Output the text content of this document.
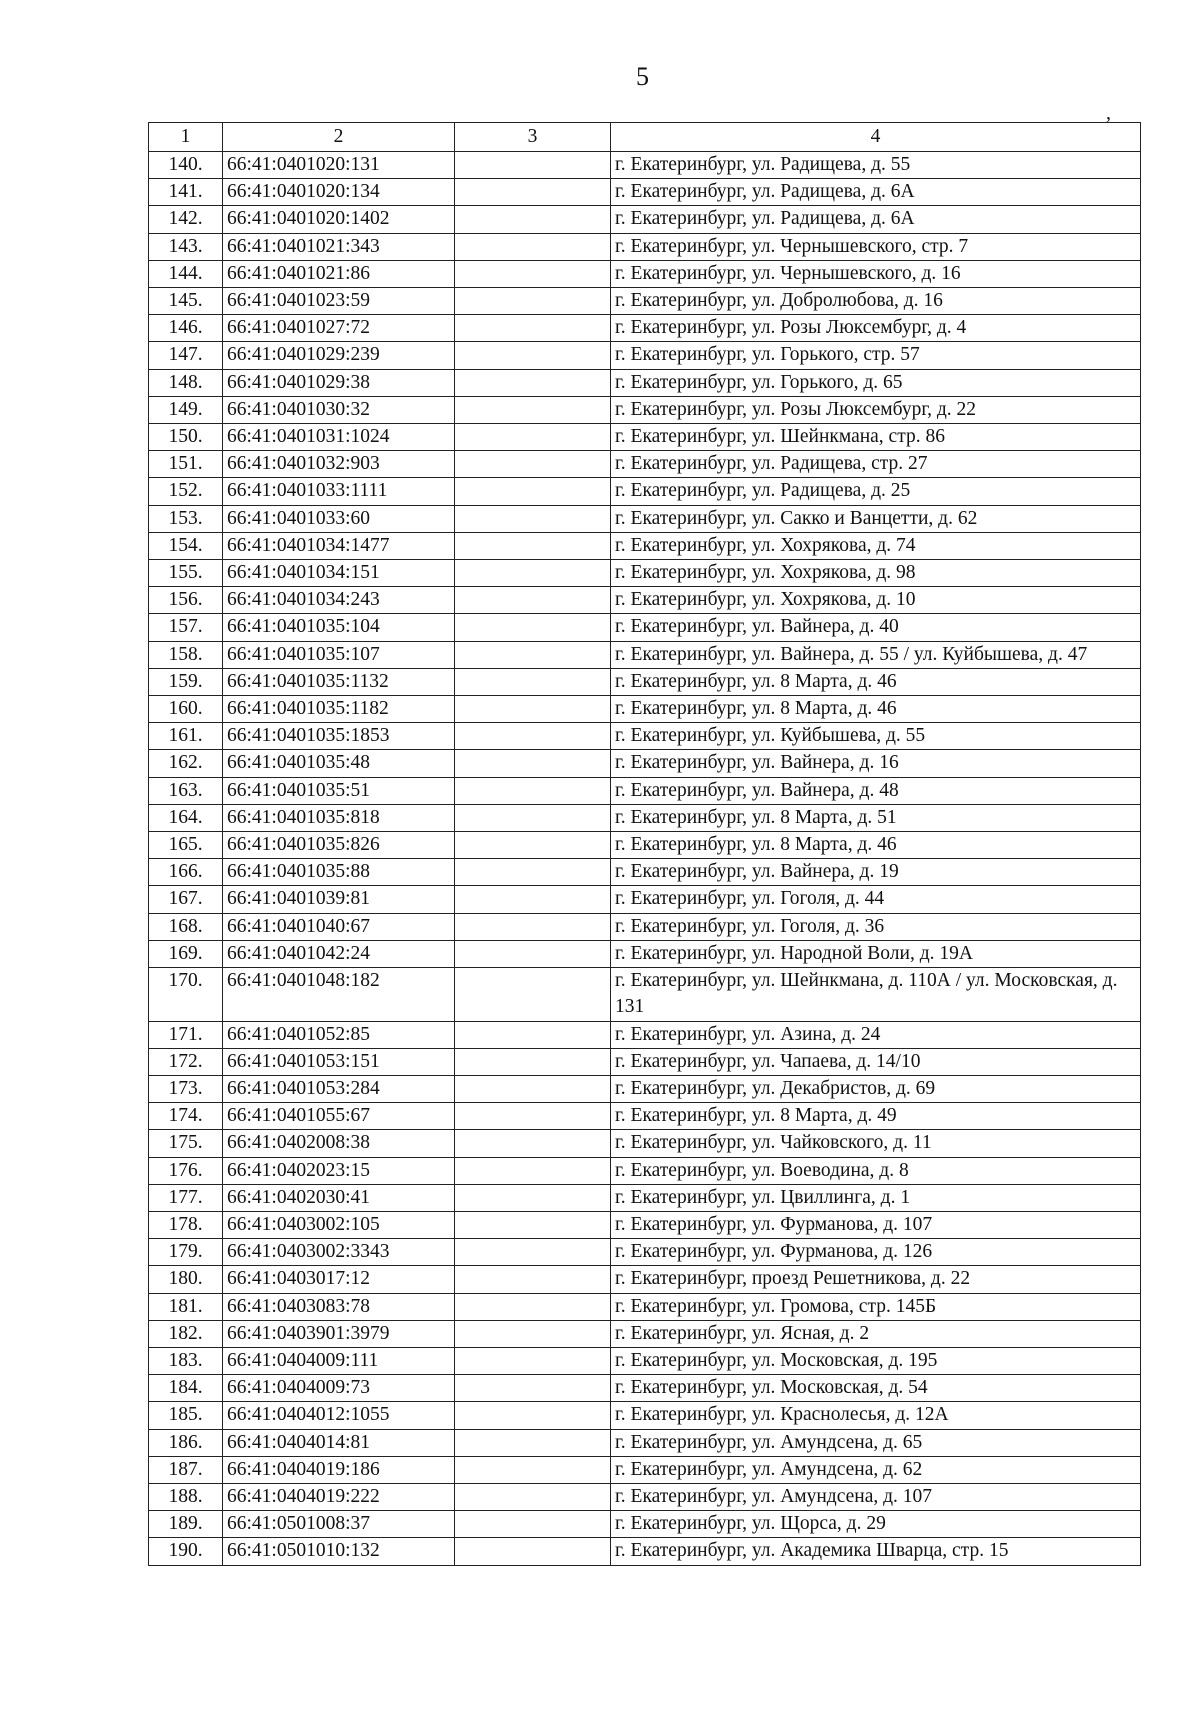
5
,
1	2	3	4
140.	66:41:0401020:131		г. Екатеринбург, ул. Радищева, д. 55
141.	66:41:0401020:134		г. Екатеринбург, ул. Радищева, д. 6А
142.	66:41:0401020:1402		г. Екатеринбург, ул. Радищева, д. 6А
143.	66:41:0401021:343		г. Екатеринбург, ул. Чернышевского, стр. 7
144.	66:41:0401021:86		г. Екатеринбург, ул. Чернышевского, д. 16
145.	66:41:0401023:59		г. Екатеринбург, ул. Добролюбова, д. 16
146.	66:41:0401027:72		г. Екатеринбург, ул. Розы Люксембург, д. 4
147.	66:41:0401029:239		г. Екатеринбург, ул. Горького, стр. 57
148.	66:41:0401029:38		г. Екатеринбург, ул. Горького, д. 65
149.	66:41:0401030:32		г. Екатеринбург, ул. Розы Люксембург, д. 22
150.	66:41:0401031:1024		г. Екатеринбург, ул. Шейнкмана, стр. 86
151.	66:41:0401032:903		г. Екатеринбург, ул. Радищева, стр. 27
152.	66:41:0401033:1111		г. Екатеринбург, ул. Радищева, д. 25
153.	66:41:0401033:60		г. Екатеринбург, ул. Сакко и Ванцетти, д. 62
154.	66:41:0401034:1477		г. Екатеринбург, ул. Хохрякова, д. 74
155.	66:41:0401034:151		г. Екатеринбург, ул. Хохрякова, д. 98
156.	66:41:0401034:243		г. Екатеринбург, ул. Хохрякова, д. 10
157.	66:41:0401035:104		г. Екатеринбург, ул. Вайнера, д. 40
158.	66:41:0401035:107		г. Екатеринбург, ул. Вайнера, д. 55 / ул. Куйбышева, д. 47
159.	66:41:0401035:1132		г. Екатеринбург, ул. 8 Марта, д. 46
160.	66:41:0401035:1182		г. Екатеринбург, ул. 8 Марта, д. 46
161.	66:41:0401035:1853		г. Екатеринбург, ул. Куйбышева, д. 55
162.	66:41:0401035:48		г. Екатеринбург, ул. Вайнера, д. 16
163.	66:41:0401035:51		г. Екатеринбург, ул. Вайнера, д. 48
164.	66:41:0401035:818		г. Екатеринбург, ул. 8 Марта, д. 51
165.	66:41:0401035:826		г. Екатеринбург, ул. 8 Марта, д. 46
166.	66:41:0401035:88		г. Екатеринбург, ул. Вайнера, д. 19
167.	66:41:0401039:81		г. Екатеринбург, ул. Гоголя, д. 44
168.	66:41:0401040:67		г. Екатеринбург, ул. Гоголя, д. 36
169.	66:41:0401042:24		г. Екатеринбург, ул. Народной Воли, д. 19А
170.	66:41:0401048:182		г. Екатеринбург, ул. Шейнкмана, д. 110А / ул. Московская, д. 131
171.	66:41:0401052:85		г. Екатеринбург, ул. Азина, д. 24
172.	66:41:0401053:151		г. Екатеринбург, ул. Чапаева, д. 14/10
173.	66:41:0401053:284		г. Екатеринбург, ул. Декабристов, д. 69
174.	66:41:0401055:67		г. Екатеринбург, ул. 8 Марта, д. 49
175.	66:41:0402008:38		г. Екатеринбург, ул. Чайковского, д. 11
176.	66:41:0402023:15		г. Екатеринбург, ул. Воеводина, д. 8
177.	66:41:0402030:41		г. Екатеринбург, ул. Цвиллинга, д. 1
178.	66:41:0403002:105		г. Екатеринбург, ул. Фурманова, д. 107
179.	66:41:0403002:3343		г. Екатеринбург, ул. Фурманова, д. 126
180.	66:41:0403017:12		г. Екатеринбург, проезд Решетникова, д. 22
181.	66:41:0403083:78		г. Екатеринбург, ул. Громова, стр. 145Б
182.	66:41:0403901:3979		г. Екатеринбург, ул. Ясная, д. 2
183.	66:41:0404009:111		г. Екатеринбург, ул. Московская, д. 195
184.	66:41:0404009:73		г. Екатеринбург, ул. Московская, д. 54
185.	66:41:0404012:1055		г. Екатеринбург, ул. Краснолесья, д. 12А
186.	66:41:0404014:81		г. Екатеринбург, ул. Амундсена, д. 65
187.	66:41:0404019:186		г. Екатеринбург, ул. Амундсена, д. 62
188.	66:41:0404019:222		г. Екатеринбург, ул. Амундсена, д. 107
189.	66:41:0501008:37		г. Екатеринбург, ул. Щорса, д. 29
190.	66:41:0501010:132		г. Екатеринбург, ул. Академика Шварца, стр. 15
